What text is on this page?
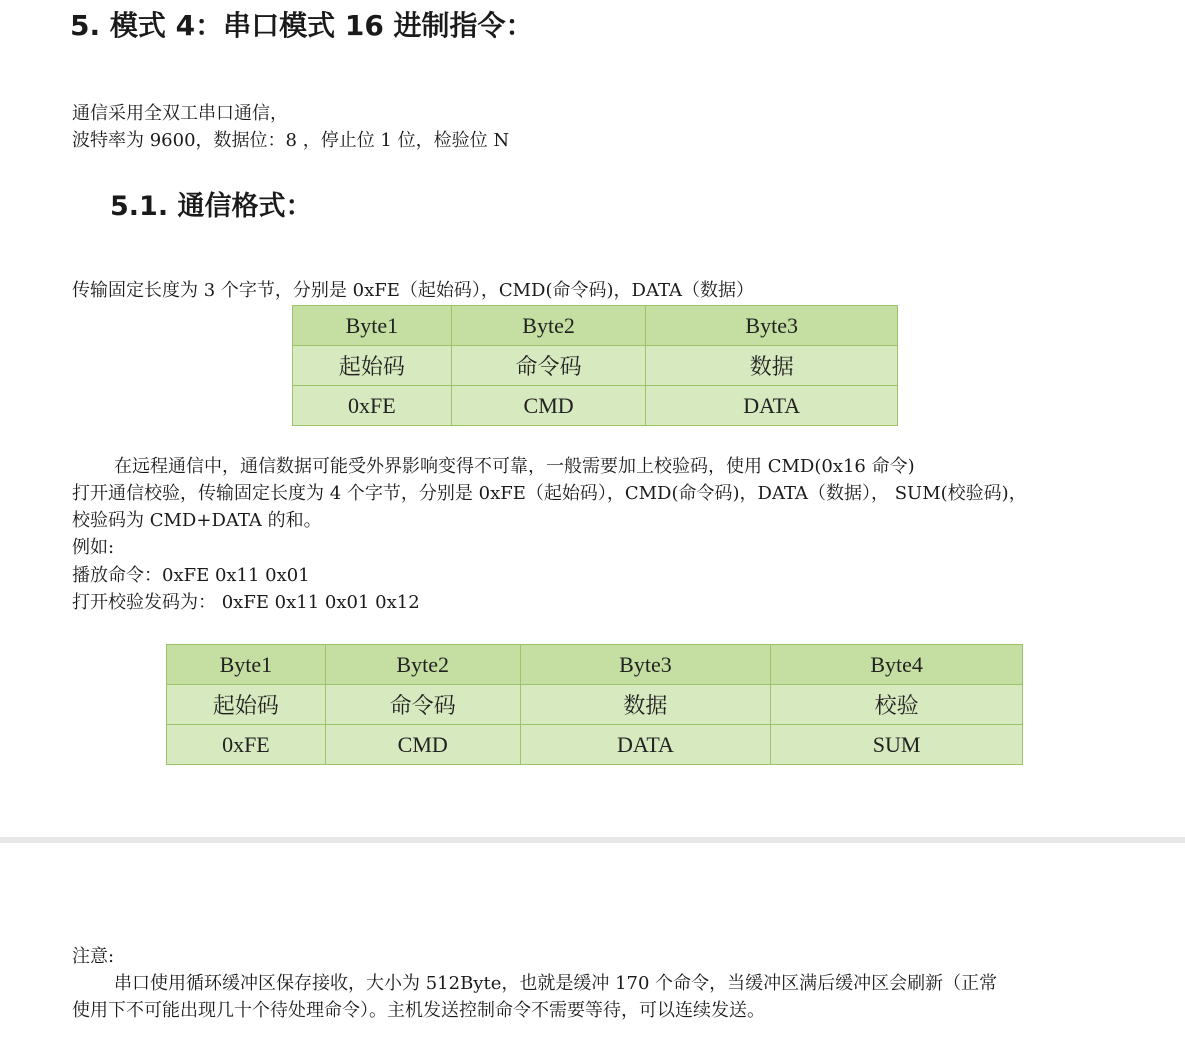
5. 模式 4：串口模式 16 进制指令：
通信采用全双工串口通信，
波特率为 9600，数据位：8 ，停止位 1 位，检验位 N
5.1. 通信格式：
传输固定长度为 3 个字节，分别是 0xFE（起始码），CMD(命令码)，DATA（数据）
Byte1	Byte2	Byte3
起始码	命令码	数据
0xFE	CMD	DATA
在远程通信中，通信数据可能受外界影响变得不可靠，一般需要加上校验码，使用 CMD(0x16 命令)
打开通信校验，传输固定长度为 4 个字节，分别是 0xFE（起始码），CMD(命令码)，DATA（数据）， SUM(校验码)，
校验码为 CMD+DATA 的和。
例如:
播放命令：0xFE 0x11 0x01
打开校验发码为： 0xFE 0x11 0x01 0x12
Byte1	Byte2	Byte3	Byte4
起始码	命令码	数据	校验
0xFE	CMD	DATA	SUM
注意:
串口使用循环缓冲区保存接收，大小为 512Byte，也就是缓冲 170 个命令，当缓冲区满后缓冲区会刷新（正常
使用下不可能出现几十个待处理命令）。主机发送控制命令不需要等待，可以连续发送。
